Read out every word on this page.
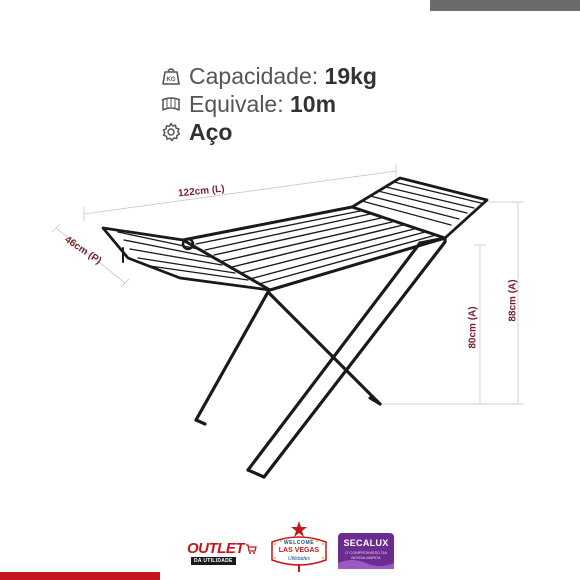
KG Capacidade: 19kg
Equivale: 10m
Aço
122cm (L)
46cm (P)
80cm (A)
88cm (A)
OUTLET
DA UTILIDADE
WELCOME
LAS VEGAS
Utilidades
SECALUX
O COMPROMISSO DA NOSSA MARCA
